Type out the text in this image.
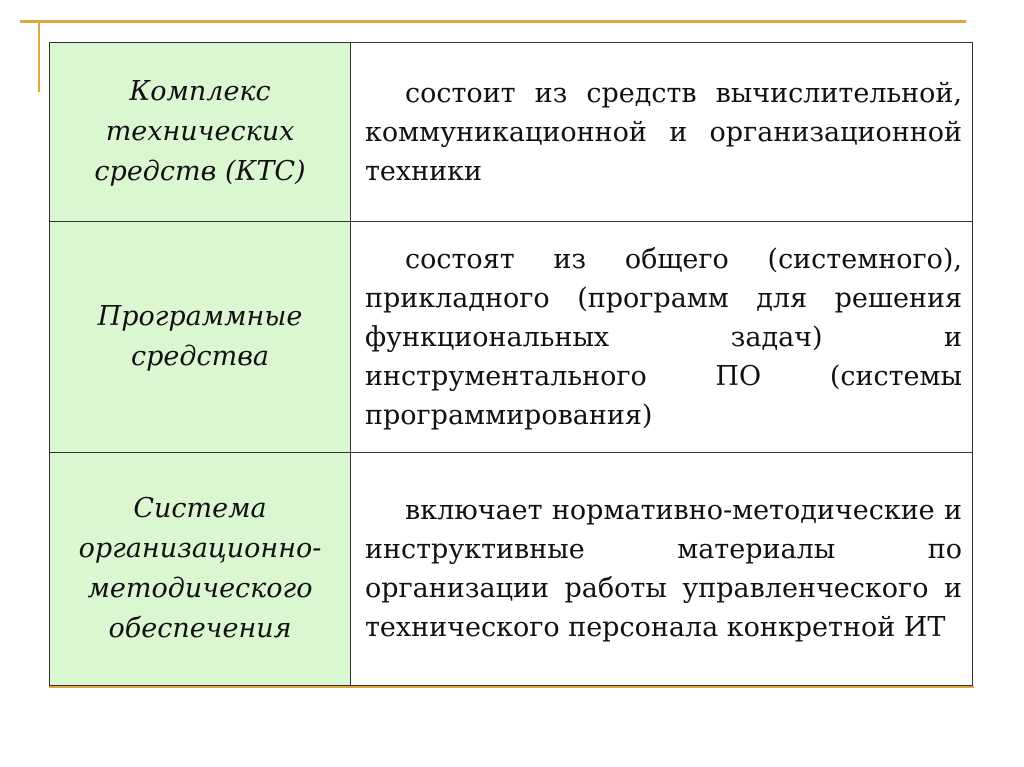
Комплекс технических средств (КТС)	состоит из средств вычислительной, коммуникационной и организационной техники

Программные средства	состоят из общего (системного), прикладного (программ для решения функциональных задач) и инструментального ПО (системы программирования)

Система организационно-методического обеспечения	включает нормативно-методические и инструктивные материалы по организации работы управленческого и технического персонала конкретной ИТ
